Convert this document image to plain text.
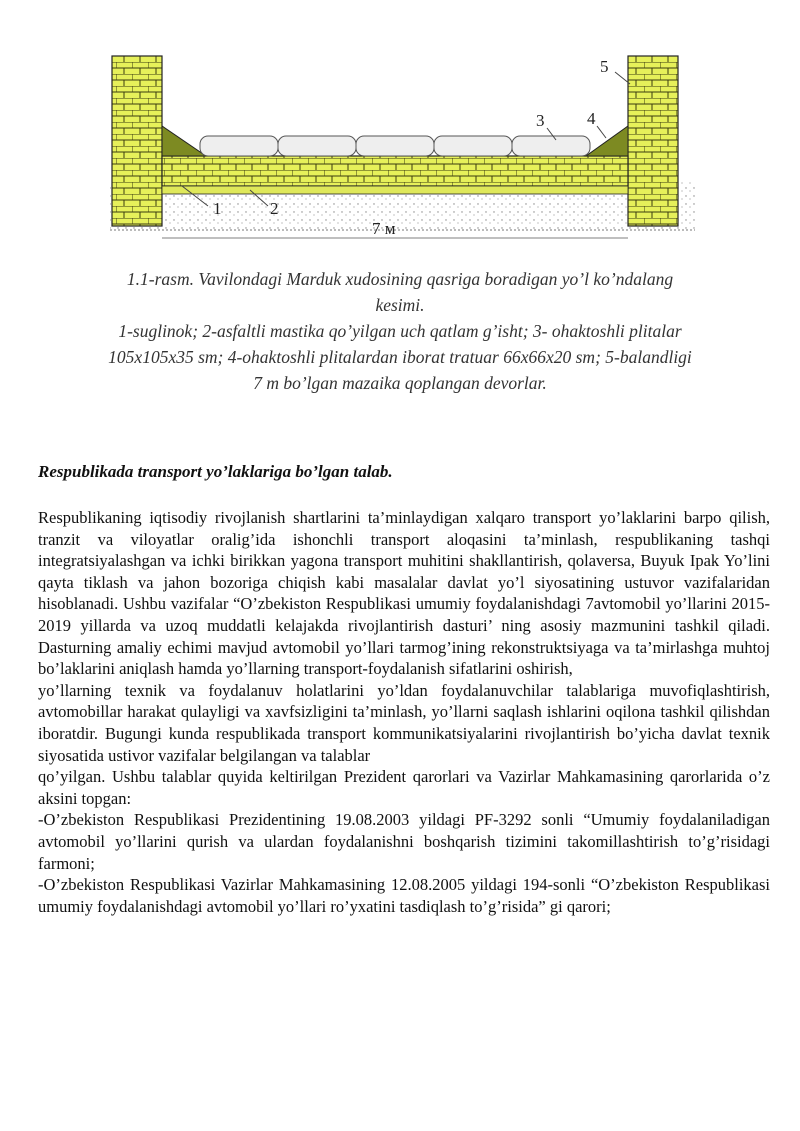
1	2
3	4
5
7 м
1.1-rasm. Vavilondagi Marduk xudosining qasriga boradigan yo’l ko’ndalang
kesimi.
1-suglinok; 2-asfaltli mastika qo’yilgan uch qatlam g’isht; 3- ohaktoshli plitalar
105x105x35 sm; 4-ohaktoshli plitalardan iborat tratuar 66x66x20 sm; 5-balandligi
7 m bo’lgan mazaika qoplangan devorlar.
Respublikada transport yo’laklariga bo’lgan talab.

Respublikaning iqtisodiy rivojlanish shartlarini ta’minlaydigan xalqaro transport yo’laklarini barpo qilish, tranzit va viloyatlar oralig’ida ishonchli transport aloqasini ta’minlash, respublikaning tashqi integratsiyalashgan va ichki birikkan yagona transport muhitini shakllantirish, qolaversa, Buyuk Ipak Yo’lini qayta tiklash va jahon bozoriga chiqish kabi masalalar davlat yo’l siyosatining ustuvor vazifalaridan hisoblanadi. Ushbu vazifalar “O’zbekiston Respublikasi umumiy foydalanishdagi 7avtomobil yo’llarini 2015-2019 yillarda va uzoq muddatli kelajakda rivojlantirish dasturi’ ning asosiy mazmunini tashkil qiladi. Dasturning amaliy echimi mavjud avtomobil yo’llari tarmog’ining rekonstruktsiyaga va ta’mirlashga muhtoj bo’laklarini aniqlash hamda yo’llarning transport-foydalanish sifatlarini oshirish,

yo’llarning texnik va foydalanuv holatlarini yo’ldan foydalanuvchilar talablariga muvofiqlashtirish, avtomobillar harakat qulayligi va xavfsizligini ta’minlash, yo’llarni saqlash ishlarini oqilona tashkil qilishdan iboratdir. Bugungi kunda respublikada transport kommunikatsiyalarini rivojlantirish bo’yicha davlat texnik siyosatida ustivor vazifalar belgilangan va talablar

qo’yilgan. Ushbu talablar quyida keltirilgan Prezident qarorlari va Vazirlar Mahkamasining qarorlarida o’z aksini topgan:

-O’zbekiston Respublikasi Prezidentining 19.08.2003 yildagi PF-3292 sonli “Umumiy foydalaniladigan avtomobil yo’llarini qurish va ulardan foydalanishni boshqarish tizimini takomillashtirish to’g’risidagi farmoni;

-O’zbekiston Respublikasi Vazirlar Mahkamasining 12.08.2005 yildagi 194-sonli “O’zbekiston Respublikasi umumiy foydalanishdagi avtomobil yo’llari ro’yxatini tasdiqlash to’g’risida” gi qarori;
